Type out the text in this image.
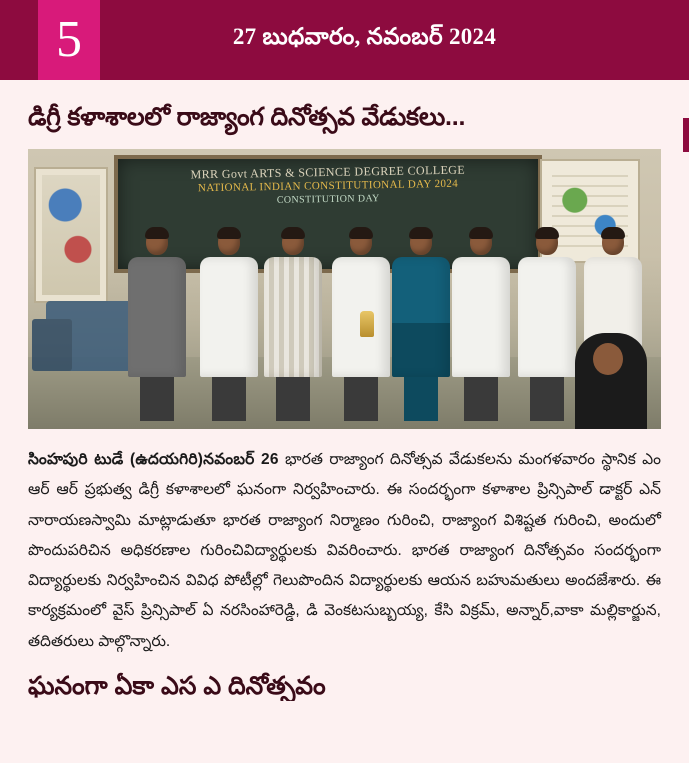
5	27 బుధవారం, నవంబర్ 2024
డిగ్రీ కళాశాలలో రాజ్యాంగ దినోత్సవ వేడుకలు...
MRR Govt ARTS & SCIENCE DEGREE COLLEGE
NATIONAL INDIAN CONSTITUTIONAL DAY 2024
CONSTITUTION DAY
సింహపురి టుడే (ఉదయగిరి)నవంబర్ 26 భారత రాజ్యాంగ దినోత్సవ వేడుకలను మంగళవారం స్థానిక ఎం ఆర్ ఆర్ ప్రభుత్వ డిగ్రీ కళాశాలలో ఘనంగా నిర్వహించారు. ఈ సందర్భంగా కళాశాల ప్రిన్సిపాల్ డాక్టర్ ఎన్ నారాయణస్వామి మాట్లాడుతూ భారత రాజ్యాంగ నిర్మాణం గురించి, రాజ్యాంగ విశిష్టత గురించి, అందులో పొందుపరిచిన అధికరణాల గురించివిద్యార్థులకు వివరించారు. భారత రాజ్యాంగ దినోత్సవం సందర్భంగా విద్యార్థులకు నిర్వహించిన వివిధ పోటీల్లో గెలుపొందిన విద్యార్థులకు ఆయన బహుమతులు అందజేశారు. ఈ కార్యక్రమంలో వైస్ ప్రిన్సిపాల్ ఏ నరసింహారెడ్డి, డి వెంకటసుబ్బయ్య, కేసి విక్రమ్, అన్నార్,వాకా మల్లికార్జున, తదితరులు పాల్గొన్నారు.
ఘనంగా ఏకా ఎస ఎ దినోత్సవం
